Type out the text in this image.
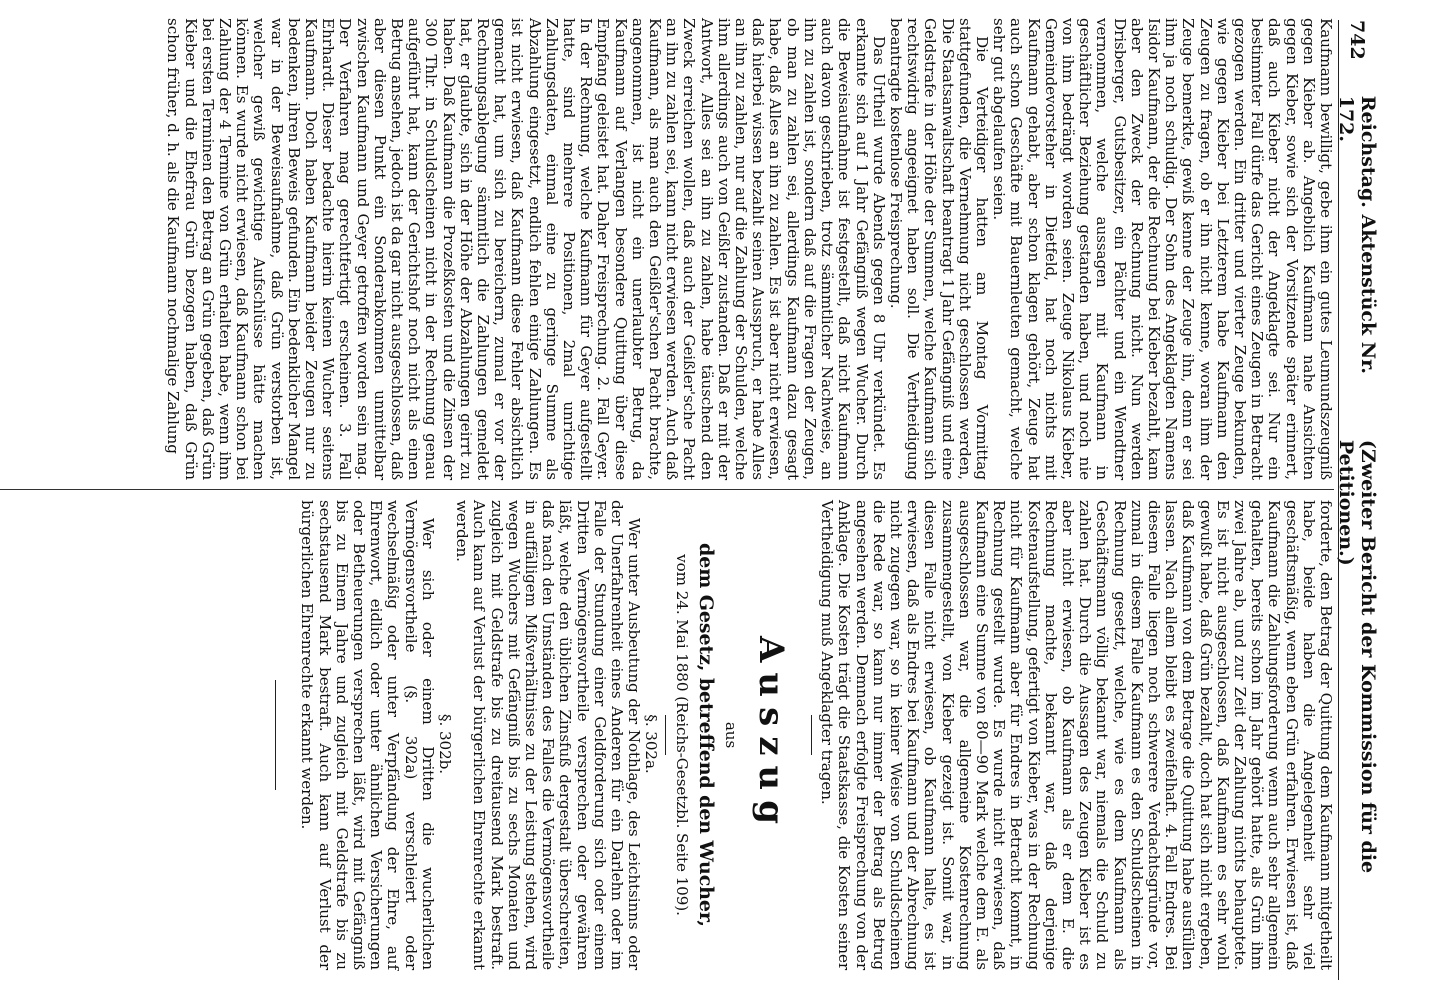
742
Reichstag. Aktenstück Nr. 172.
(Zweiter Bericht der Kommission für die Petitionen.)

Kaufmann bewilligt, gebe ihm ein gutes Leumundszeugniß gegen Kieber ab. Angeblich Kaufmann nahe Ansichten gegen Kieber, sowie sich der Vorsitzende später erinnert, daß auch Kieber nicht der Angeklagte sei. Nur ein bestimmter Fall dürfe das Gericht eines Zeugen in Betracht gezogen werden. Ein dritter und vierter Zeuge bekunden, wie gegen Kieber bei Letzterem habe Kaufmann den Zeugen zu fragen, ob er ihn nicht kenne, woran ihm der Zeuge bemerkte, gewiß kenne der Zeuge ihn, denn er sei ihm ja noch schuldig. Der Sohn des Angeklagten Namens Isidor Kaufmann, der die Rechnung bei Kieber bezahlt, kam aber den Zweck der Rechnung nicht. Nun werden Drisberger, Gutsbesitzer, ein Pächter und ein Wendtner vernommen, welche aussagen mit Kaufmann in geschäftlicher Beziehung gestanden haben, und noch nie von ihm bedrängt worden seien. Zeuge Nikolaus Kieber, Gemeindevorsteher in Dietfeld, hat noch nichts mit Kaufmann gehabt, aber schon klagen gehört, Zeuge hat auch schon Geschäfte mit Bauernleuten gemacht, welche sehr gut abgelaufen seien.

Die Verteidiger hatten am Montag Vormittag stattgefunden, die Vernehmung nicht geschlossen werden, Die Staatsanwaltschaft beantragt 1 Jahr Gefängniß und eine Geldstrafe in der Höhe der Summen, welche Kaufmann sich rechtswidrig angeeignet haben soll. Die Vertheidigung beantragte kostenlose Freisprechung.

Das Urtheil wurde Abends gegen 8 Uhr verkündet. Es erkannte sich auf 1 Jahr Gefängniß wegen Wucher. Durch die Beweisaufnahme ist festgestellt, daß nicht Kaufmann auch davon geschrieben, trotz sämmtlicher Nachweise, an ihn zu zahlen ist, sondern daß auf die Fragen der Zeugen, ob man zu zahlen sei, allerdings Kaufmann dazu gesagt habe, daß Alles an ihn zu zahlen. Es ist aber nicht erwiesen, daß hierbei wissen bezahlt seinen Ausspruch, er habe Alles an ihn zu zahlen, nur auf die Zahlung der Schulden, welche ihm allerdings auch von Geißler zustanden. Daß er mit der Antwort, Alles sei an ihn zu zahlen, habe täuschend den Zweck erreichen wollen, daß auch der Geißler'sche Pacht an ihn zu zahlen sei, kann nicht erwiesen werden. Auch daß Kaufmann, als man auch den Geißler'schen Pacht brachte, angenommen, ist nicht ein unerlaubter Betrug, da Kaufmann auf Verlangen besondere Quittung über diese Empfang geleistet hat. Daher Freisprechung. 2. Fall Geyer. In der Rechnung, welche Kaufmann für Geyer aufgestellt hatte, sind mehrere Positionen, 2mal unrichtige Zahlungsdaten, einmal eine zu geringe Summe als Abzahlung eingesetzt, endlich fehlen einige Zahlungen. Es ist nicht erwiesen, daß Kaufmann diese Fehler absichtlich gemacht hat, um sich zu bereichern, zumal er vor der Rechnungsablegung sämmtlich die Zahlungen gemeldet hat, er glaubte, sich in der Höhe der Abzahlungen geirrt zu haben. Daß Kaufmann die Prozeßkosten und die Zinsen der 300 Thlr. in Schuldscheinen nicht in der Rechnung genau aufgeführt hat, kann der Gerichtshof noch nicht als einen Betrug ansehen, jedoch ist da gar nicht ausgeschlossen, daß aber diesen Punkt ein Sonderabkommen unmittelbar zwischen Kaufmann und Geyer getroffen worden sein mag. Der Verfahren mag gerechtfertigt erscheinen. 3. Fall Ehrhardt. Dieser bedachte hierin keinen Wucher seitens Kaufmann. Doch haben Kaufmann beider Zeugen nur zu bedenken, ihren Beweis gefunden. Ein bedenklicher Mangel war in der Beweisaufnahme, daß Grün verstorben ist, welcher gewiß gewichtige Aufschlüsse hätte machen können. Es wurde nicht erwiesen, daß Kaufmann schon bei Zahlung der 4 Termine von Grün erhalten habe, wenn ihm bei ersten Terminen den Betrag an Grün gegeben, daß Grün Kieber und die Ehefrau Grün bezogen haben, daß Grün schon früher, d. h. als die Kaufmann nochmalige Zahlung

forderte, den Betrag der Quittung dem Kaufmann mitgetheilt habe, beide haben die Angelegenheit sehr viel geschäftsmäßig, wenn eben Grün erfahren. Erwiesen ist, daß Kaufmann die Zahlungsforderung wenn auch sehr allgemein gehalten, bereits schon im Jahr gehört hatte, als Grün ihm zwei Jahre ab, und zur Zeit der Zahlung nichts behauptete. Es ist nicht ausgeschlossen, daß Kaufmann es sehr wohl gewußt habe, daß Grün bezahlt, doch hat sich nicht ergeben, daß Kaufmann von dem Betrage die Quittung habe ausfüllen lassen. Nach allem bleibt es zweifelhaft. 4. Fall Endres. Bei diesem Falle liegen noch schwerere Verdachtsgründe vor, zumal in diesem Falle Kaufmann es den Schuldscheinen in Rechnung gesetzt, welche, wie es dem Kaufmann als Geschäftsmann völlig bekannt war, niemals die Schuld zu zahlen hat. Durch die Aussagen des Zeugen Kieber ist es aber nicht erwiesen, ob Kaufmann als er dem E. die Rechnung machte, bekannt war, daß derjenige Kostenaufstellung, gefertigt von Kieber, was in der Rechnung nicht für Kaufmann aber für Endres in Betracht kommt, in Rechnung gestellt wurde. Es wurde nicht erwiesen, daß Kaufmann eine Summe von 80—90 Mark welche dem E. als ausgeschlossen war, die allgemeine Kostenrechnung zusammengestellt, von Kieber gezeigt ist. Somit war, in diesen Falle nicht erwiesen, ob Kaufmann halte, es ist erwiesen, daß als Endres bei Kaufmann und der Abrechnung nicht zugegen war, so in keiner Weise von Schuldscheinen die Rede war, so kann nur immer der Betrag als Betrug angesehen werden. Demnach erfolgte Freisprechung von der Anklage. Die Kosten trägt die Staatskasse, die Kosten seiner Vertheidigung muß Angeklagter tragen.

Auszug

aus

dem Gesetz, betreffend den Wucher,

vom 24. Mai 1880 (Reichs-Gesetzbl. Seite 109).

§. 302a.

Wer unter Ausbeutung der Nothlage, des Leichtsinns oder der Unerfahrenheit eines Anderen für ein Darlehn oder im Falle der Stundung einer Geldforderung sich oder einem Dritten Vermögensvortheile versprechen oder gewähren läßt, welche den üblichen Zinsfuß dergestalt überschreiten, daß nach den Umständen des Falles die Vermögensvortheile in auffälligem Mißverhältnisse zu der Leistung stehen, wird wegen Wuchers mit Gefängniß bis zu sechs Monaten und zugleich mit Geldstrafe bis zu dreitausend Mark bestraft. Auch kann auf Verlust der bürgerlichen Ehrenrechte erkannt werden.

§. 302b.

Wer sich oder einem Dritten die wucherlichen Vermögensvortheile (§. 302a) verschleiert oder wechselmäßig oder unter Verpfändung der Ehre, auf Ehrenwort, eidlich oder unter ähnlichen Versicherungen oder Betheuerungen versprechen läßt, wird mit Gefängniß bis zu Einem Jahre und zugleich mit Geldstrafe bis zu sechstausend Mark bestraft. Auch kann auf Verlust der bürgerlichen Ehrenrechte erkannt werden.
